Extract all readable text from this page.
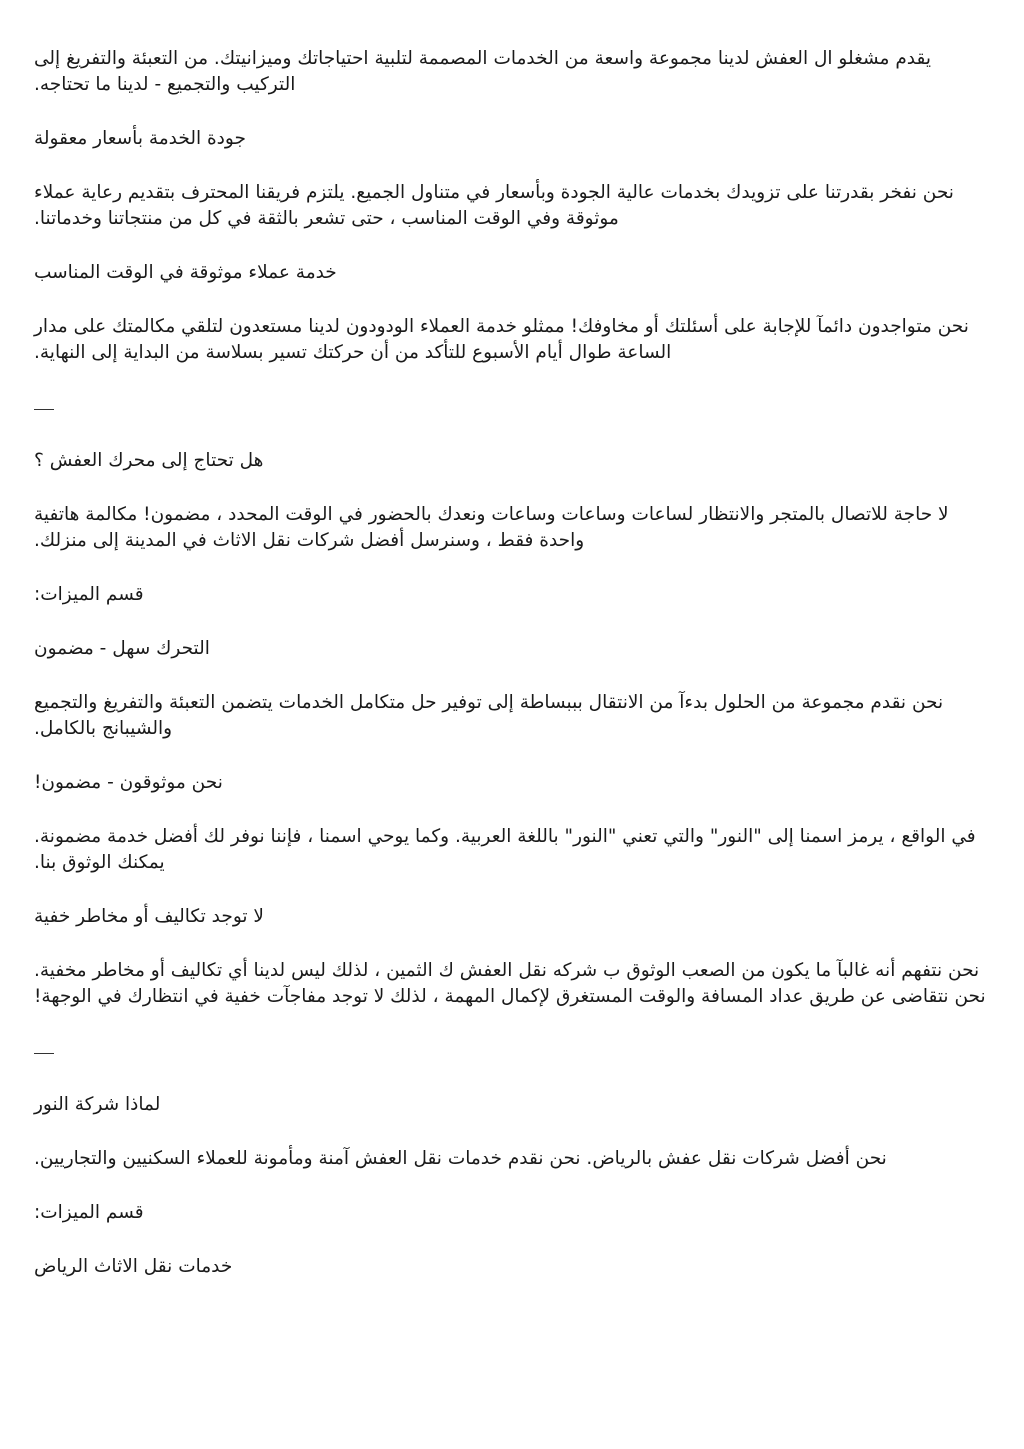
يقدم مشغلو ال العفش لدينا مجموعة واسعة من الخدمات المصممة لتلبية احتياجاتك وميزانيتك. من التعبئة والتفريغ إلى التركيب والتجميع - لدينا ما تحتاجه.

جودة الخدمة بأسعار معقولة

نحن نفخر بقدرتنا على تزويدك بخدمات عالية الجودة وبأسعار في متناول الجميع. يلتزم فريقنا المحترف بتقديم رعاية عملاء موثوقة وفي الوقت المناسب ، حتى تشعر بالثقة في كل من منتجاتنا وخدماتنا.

خدمة عملاء موثوقة في الوقت المناسب

نحن متواجدون دائمآ للإجابة على أسئلتك أو مخاوفك! ممثلو خدمة العملاء الودودون لدينا مستعدون لتلقي مكالمتك على مدار الساعة طوال أيام الأسبوع للتأكد من أن حركتك تسير بسلاسة من البداية إلى النهاية.

هل تحتاج إلى محرك العفش ؟

لا حاجة للاتصال بالمتجر والانتظار لساعات وساعات وساعات ونعدك بالحضور في الوقت المحدد ، مضمون! مكالمة هاتفية واحدة فقط ، وسنرسل أفضل شركات نقل الاثاث في المدينة إلى منزلك.

قسم الميزات:

التحرك سهل - مضمون

نحن نقدم مجموعة من الحلول بدءآ من الانتقال بببساطة إلى توفير حل متكامل الخدمات يتضمن التعبئة والتفريغ والتجميع والشيبانج بالكامل.

نحن موثوقون - مضمون!

في الواقع ، يرمز اسمنا إلى "النور" والتي تعني "النور" باللغة العربية. وكما يوحي اسمنا ، فإننا نوفر لك أفضل خدمة مضمونة. يمكنك الوثوق بنا.

لا توجد تكاليف أو مخاطر خفية

نحن نتفهم أنه غالبآ ما يكون من الصعب الوثوق ب شركه نقل العفش ك الثمين ، لذلك ليس لدينا أي تكاليف أو مخاطر مخفية. نحن نتقاضى عن طريق عداد المسافة والوقت المستغرق لإكمال المهمة ، لذلك لا توجد مفاجآت خفية في انتظارك في الوجهة!

لماذا شركة النور

نحن أفضل شركات نقل عفش بالرياض. نحن نقدم خدمات نقل العفش آمنة ومأمونة للعملاء السكنيين والتجاريين.

قسم الميزات:

خدمات نقل الاثاث الرياض
